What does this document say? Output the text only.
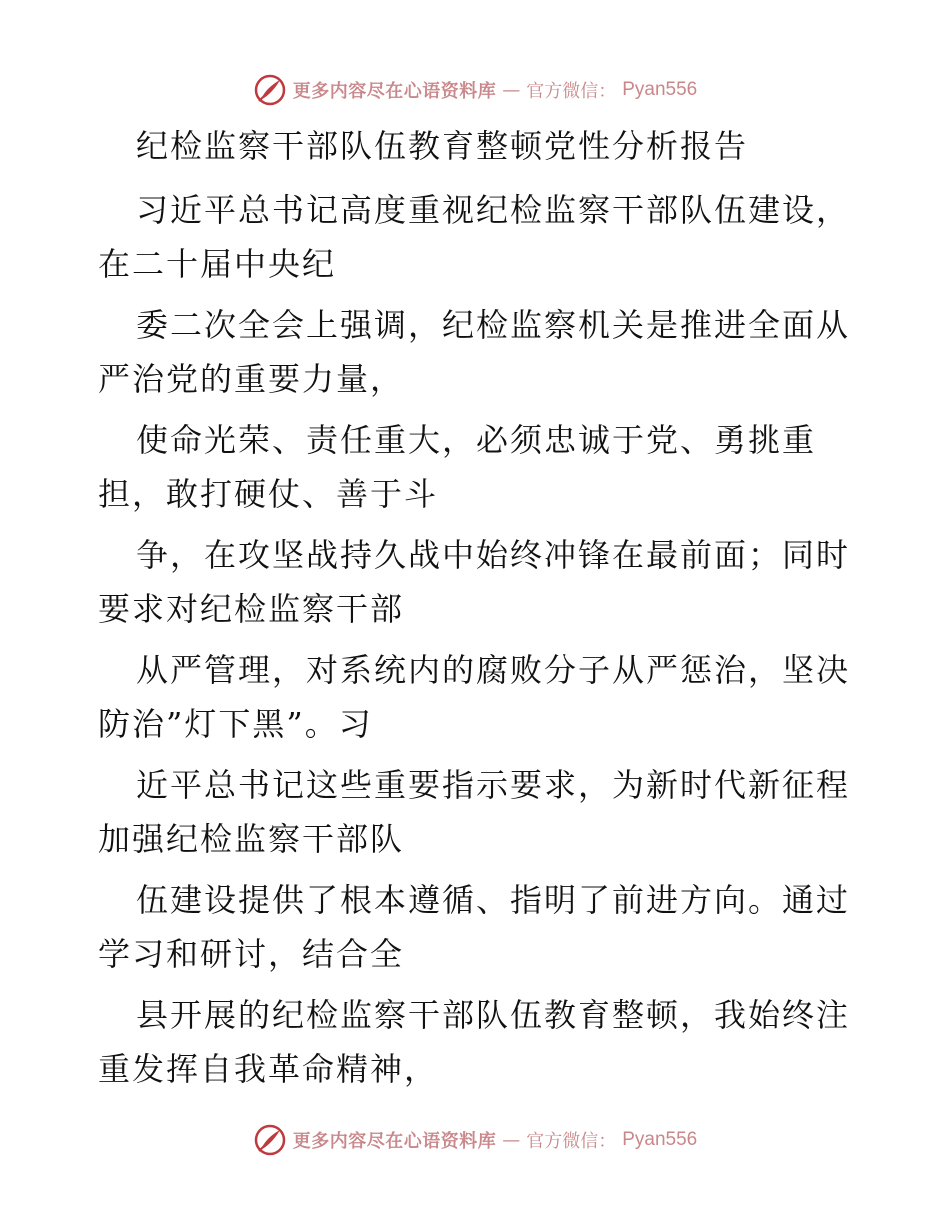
更多内容尽在心语资料库 — 官方微信： Pyan556
纪检监察干部队伍教育整顿党性分析报告
习近平总书记高度重视纪检监察干部队伍建设，
在二十届中央纪
委二次全会上强调，纪检监察机关是推进全面从
严治党的重要力量，
使命光荣、责任重大，必须忠诚于党、勇挑重
担，敢打硬仗、善于斗
争，在攻坚战持久战中始终冲锋在最前面；同时
要求对纪检监察干部
从严管理，对系统内的腐败分子从严惩治，坚决
防治”灯下黑”。习
近平总书记这些重要指示要求，为新时代新征程
加强纪检监察干部队
伍建设提供了根本遵循、指明了前进方向。通过
学习和研讨，结合全
县开展的纪检监察干部队伍教育整顿，我始终注
重发挥自我革命精神，
更多内容尽在心语资料库 — 官方微信： Pyan556
